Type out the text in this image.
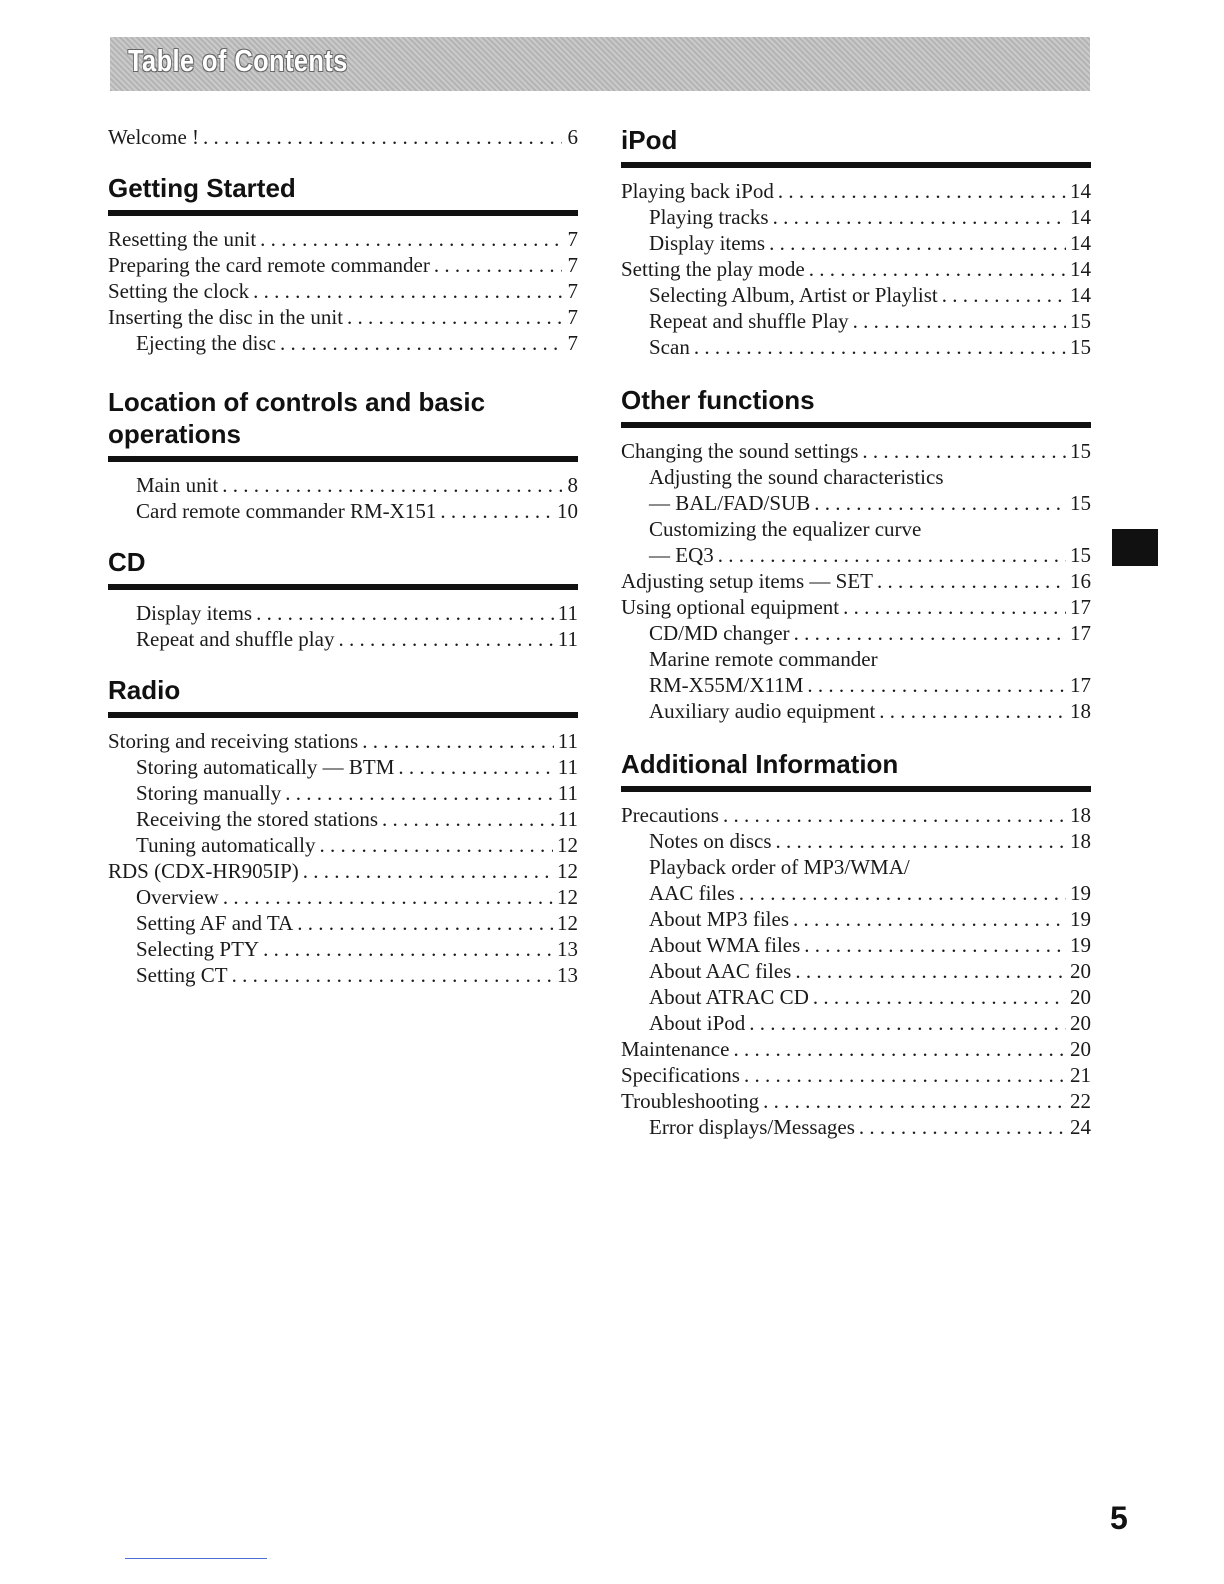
Table of Contents
Welcome ! . . .	6
Getting Started
Resetting the unit . . .	7
Preparing the card remote commander . . .	7
Setting the clock . . .	7
Inserting the disc in the unit . . .	7
Ejecting the disc . . .	7
Location of controls and basic
operations
Main unit . . .	8
Card remote commander RM-X151 . . .	10
CD
Display items . . .	11
Repeat and shuffle play . . .	11
Radio
Storing and receiving stations . . .	11
Storing automatically — BTM . . .	11
Storing manually . . .	11
Receiving the stored stations . . .	11
Tuning automatically . . .	12
RDS (CDX-HR905IP) . . .	12
Overview . . .	12
Setting AF and TA . . .	12
Selecting PTY . . .	13
Setting CT . . .	13
iPod
Playing back iPod . . .	14
Playing tracks . . .	14
Display items . . .	14
Setting the play mode . . .	14
Selecting Album, Artist or Playlist . . .	14
Repeat and shuffle Play . . .	15
Scan . . .	15
Other functions
Changing the sound settings . . .	15
Adjusting the sound characteristics
— BAL/FAD/SUB . . .	15
Customizing the equalizer curve
— EQ3 . . .	15
Adjusting setup items — SET . . .	16
Using optional equipment . . .	17
CD/MD changer . . .	17
Marine remote commander
RM-X55M/X11M . . .	17
Auxiliary audio equipment . . .	18
Additional Information
Precautions . . .	18
Notes on discs . . .	18
Playback order of MP3/WMA/
AAC files . . .	19
About MP3 files . . .	19
About WMA files . . .	19
About AAC files . . .	20
About ATRAC CD . . .	20
About iPod . . .	20
Maintenance . . .	20
Specifications . . .	21
Troubleshooting . . .	22
Error displays/Messages . . .	24
5
